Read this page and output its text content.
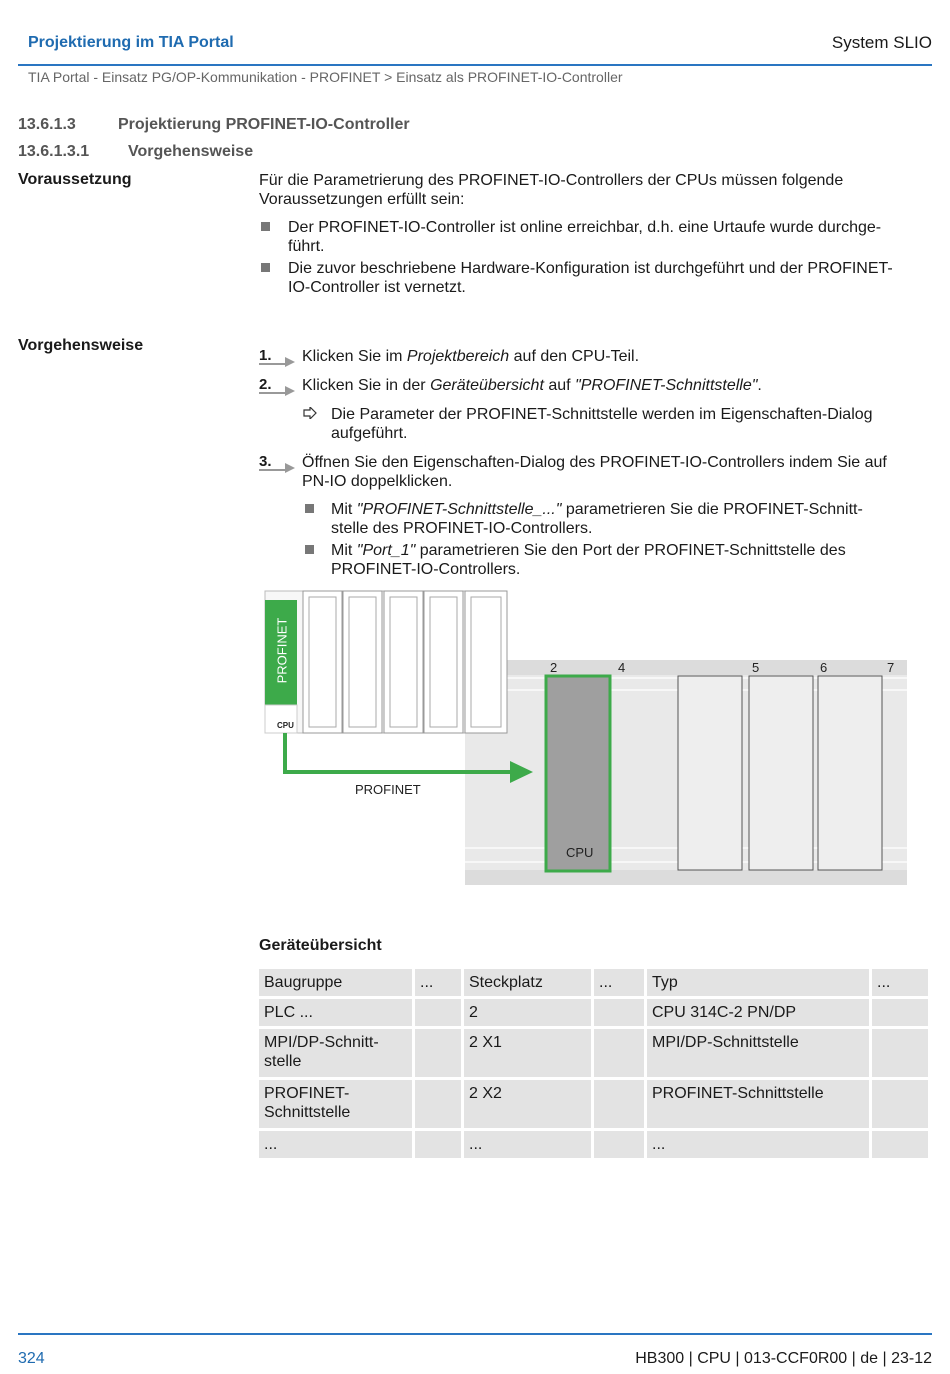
Projektierung im TIA Portal	System SLIO
TIA Portal - Einsatz PG/OP-Kommunikation - PROFINET > Einsatz als PROFINET-IO-Controller
13.6.1.3	Projektierung PROFINET-IO-Controller
13.6.1.3.1 Vorgehensweise
Voraussetzung	Für die Parametrierung des PROFINET-IO-Controllers der CPUs müssen folgende
Voraussetzungen erfüllt sein:
Der PROFINET-IO-Controller ist online erreichbar, d.h. eine Urtaufe wurde durchge-
führt.
Die zuvor beschriebene Hardware-Konfiguration ist durchgeführt und der PROFINET-
IO-Controller ist vernetzt.
Vorgehensweise
1.	Klicken Sie im Projektbereich auf den CPU-Teil.
2.	Klicken Sie in der Geräteübersicht auf "PROFINET-Schnittstelle".
Die Parameter der PROFINET-Schnittstelle werden im Eigenschaften-Dialog
aufgeführt.
3.	Öffnen Sie den Eigenschaften-Dialog des PROFINET-IO-Controllers indem Sie auf
PN-IO doppelklicken.
Mit "PROFINET-Schnittstelle_..." parametrieren Sie die PROFINET-Schnitt-
stelle des PROFINET-IO-Controllers.
Mit "Port_1" parametrieren Sie den Port der PROFINET-Schnittstelle des
PROFINET-IO-Controllers.
PROFINET
CPU
PROFINET
2	4	5	6	7
CPU
Geräteübersicht
Baugruppe	...	Steckplatz	...	Typ	...
PLC ...		2		CPU 314C-2 PN/DP	
MPI/DP-Schnitt-
stelle		2 X1		MPI/DP-Schnittstelle	
PROFINET-
Schnittstelle		2 X2		PROFINET-Schnittstelle	
...		...		...	
324	HB300 | CPU | 013-CCF0R00 | de | 23-12
